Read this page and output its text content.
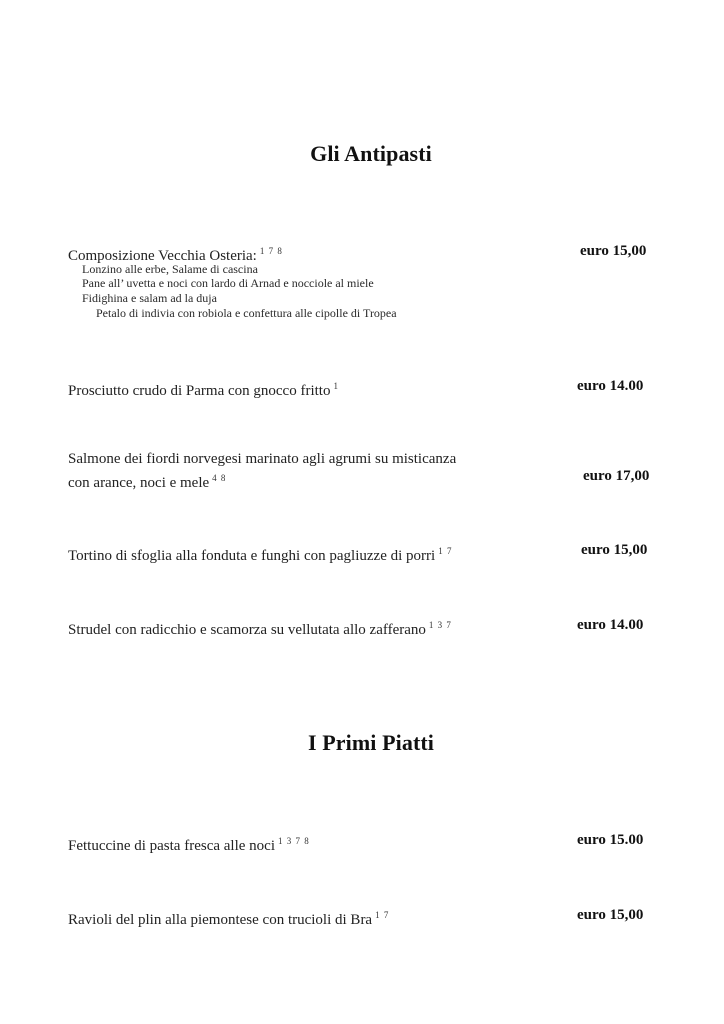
Gli Antipasti
Composizione Vecchia Osteria: $^{1 7 8}$	euro 15,00
Lonzino alle erbe, Salame di cascina
Pane all’ uvetta e noci con lardo di Arnad e nocciole al miele
Fidighina e salam ad la duja
Petalo di indivia con robiola e confettura alle cipolle di Tropea
Prosciutto crudo di Parma con gnocco fritto $^1$	euro 14.00
Salmone dei fiordi norvegesi marinato agli agrumi su misticanza
con arance, noci e mele $^{4 8}$	euro 17,00
Tortino di sfoglia alla fonduta e funghi con pagliuzze di porri $^{1 7}$	euro 15,00
Strudel con radicchio e scamorza su vellutata allo zafferano $^{1 3 7}$	euro 14.00
I Primi Piatti
Fettuccine di pasta fresca alle noci $^{1 3 7 8}$	euro 15.00
Ravioli del plin alla piemontese con trucioli di Bra $^{1 7}$	euro 15,00
